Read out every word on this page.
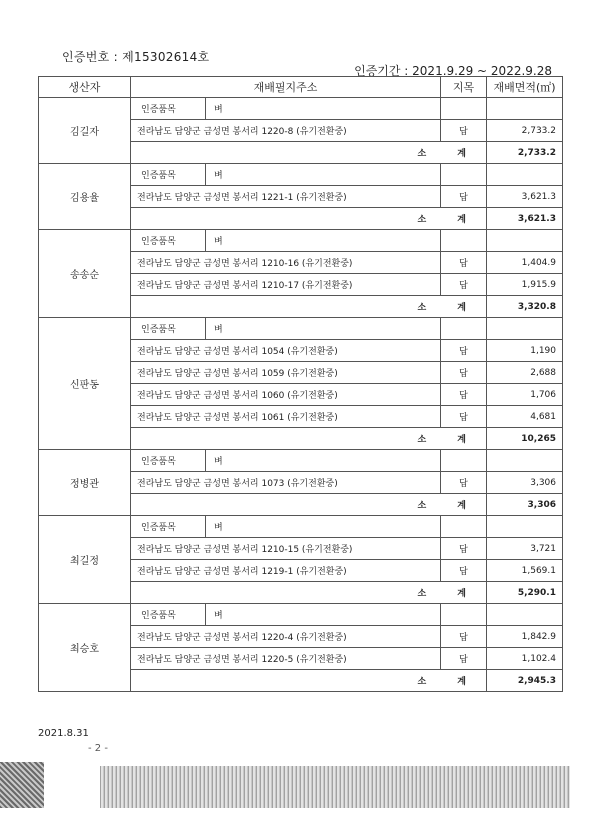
인증번호 : 제15302614호
인증기간 : 2021.9.29 ~ 2022.9.28
생산자	재배필지주소	지목	재배면적(㎡)
김길자	인증품목 벼		

	전라남도 담양군 금성면 봉서리 1220-8 (유기전환중)	답	2,733.2
	소 계		2,733.2
김용율	인증품목 벼		

	전라남도 담양군 금성면 봉서리 1221-1 (유기전환중)	답	3,621.3
	소 계		3,621.3
송송순	인증품목 벼		

	전라남도 담양군 금성면 봉서리 1210-16 (유기전환중)	답	1,404.9
	전라남도 담양군 금성면 봉서리 1210-17 (유기전환중)	답	1,915.9
	소 계		3,320.8
신판동	인증품목 벼		

	전라남도 담양군 금성면 봉서리 1054 (유기전환중)	답	1,190
	전라남도 담양군 금성면 봉서리 1059 (유기전환중)	답	2,688
	전라남도 담양군 금성면 봉서리 1060 (유기전환중)	답	1,706
	전라남도 담양군 금성면 봉서리 1061 (유기전환중)	답	4,681
	소 계		10,265
정병관	인증품목 벼		

	전라남도 담양군 금성면 봉서리 1073 (유기전환중)	답	3,306
	소 계		3,306
최길정	인증품목 벼		

	전라남도 담양군 금성면 봉서리 1210-15 (유기전환중)	답	3,721
	전라남도 담양군 금성면 봉서리 1219-1 (유기전환중)	답	1,569.1
	소 계		5,290.1
최승호	인증품목 벼		

	전라남도 담양군 금성면 봉서리 1220-4 (유기전환중)	답	1,842.9
	전라남도 담양군 금성면 봉서리 1220-5 (유기전환중)	답	1,102.4
	소 계		2,945.3
2021.8.31
- 2 -
